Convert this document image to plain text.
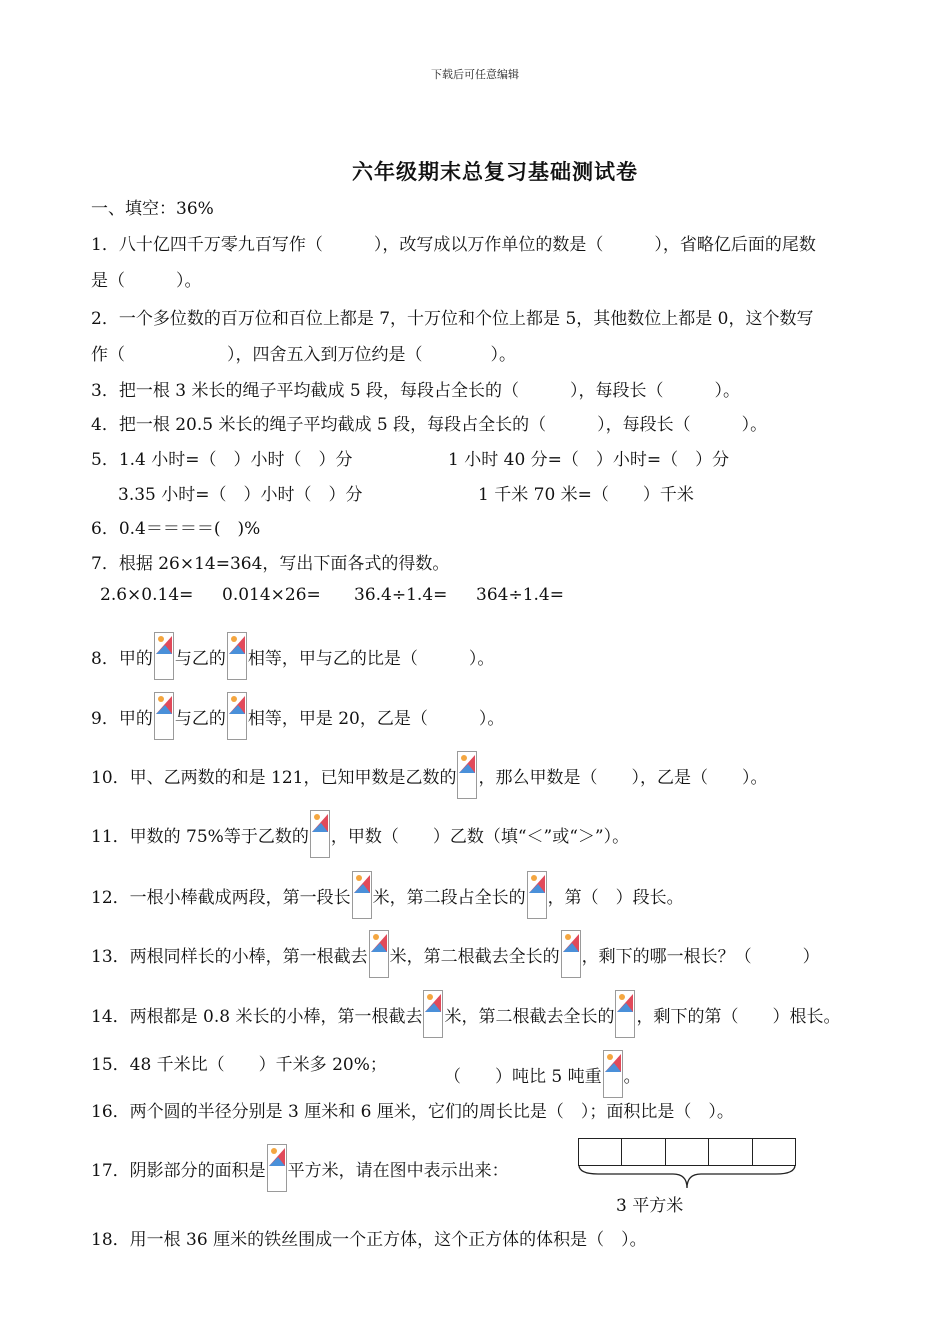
下载后可任意编辑
六年级期末总复习基础测试卷
一、填空：36%
1．八十亿四千万零九百写作（　　　），改写成以万作单位的数是（　　　），省略亿后面的尾数
是（　　　）。
2．一个多位数的百万位和百位上都是 7，十万位和个位上都是 5，其他数位上都是 0，这个数写
作（　　　　　　），四舍五入到万位约是（　　　　）。
3．把一根 3 米长的绳子平均截成 5 段，每段占全长的（　　　），每段长（　　　）。
4．把一根 20.5 米长的绳子平均截成 5 段，每段占全长的（　　　），每段长（　　　）。
5．1.4 小时=（　）小时（　）分	1 小时 40 分=（　）小时=（　）分
3.35 小时=（　）小时（　）分	1 千米 70 米=（　　）千米
6．0.4＝＝＝＝(　)%
7．根据 26×14=364，写出下面各式的得数。
2.6×0.14= 0.014×26= 36.4÷1.4= 364÷1.4=
8．甲的 与乙的 相等，甲与乙的比是（　　　）。
9．甲的 与乙的 相等，甲是 20，乙是（　　　）。
10．甲、乙两数的和是 121，已知甲数是乙数的 ，那么甲数是（　　），乙是（　　）。
11．甲数的 75%等于乙数的 ，甲数（　　）乙数（填“＜”或“＞”）。
12．一根小棒截成两段，第一段长 米，第二段占全长的 ，第（　）段长。
13．两根同样长的小棒，第一根截去 米，第二根截去全长的 ，剩下的哪一根长？（　　　）
14．两根都是 0.8 米长的小棒，第一根截去 米，第二根截去全长的 ，剩下的第（　　）根长。
15．48 千米比（　　）千米多 20%；
（　　）吨比 5 吨重 。
16．两个圆的半径分别是 3 厘米和 6 厘米，它们的周长比是（　）；面积比是（　）。
17．阴影部分的面积是 平方米，请在图中表示出来：
3 平方米
18．用一根 36 厘米的铁丝围成一个正方体，这个正方体的体积是（　）。
